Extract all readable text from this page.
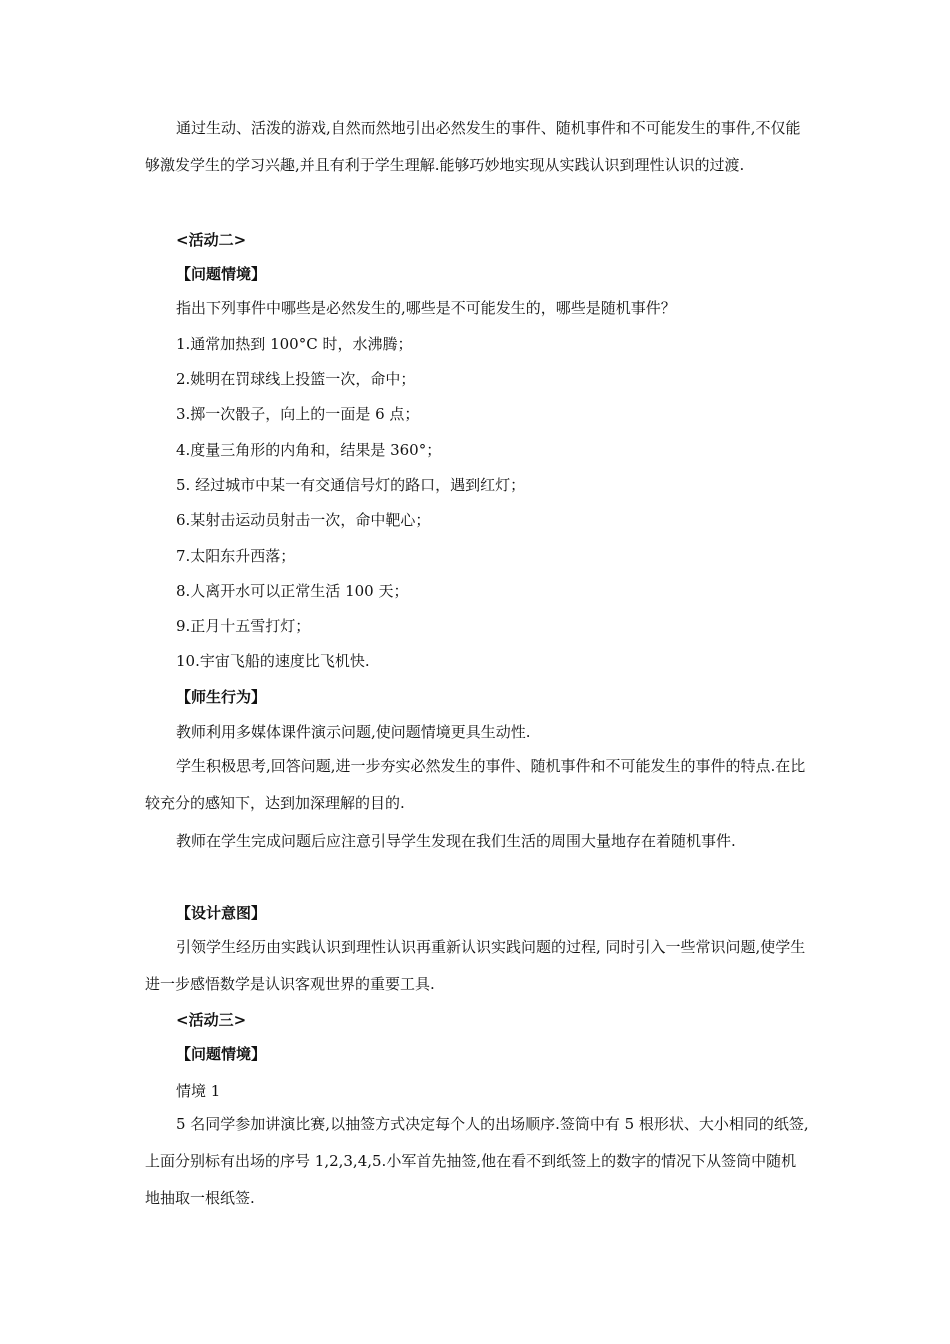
通过生动、活泼的游戏,自然而然地引出必然发生的事件、随机事件和不可能发生的事件,不仅能够激发学生的学习兴趣,并且有利于学生理解.能够巧妙地实现从实践认识到理性认识的过渡.

<活动二>

【问题情境】

指出下列事件中哪些是必然发生的,哪些是不可能发生的，哪些是随机事件？

1.通常加热到 100°C 时，水沸腾；

2.姚明在罚球线上投篮一次，命中；

3.掷一次骰子，向上的一面是 6 点；

4.度量三角形的内角和，结果是 360°；

5. 经过城市中某一有交通信号灯的路口，遇到红灯；

6.某射击运动员射击一次，命中靶心；

7.太阳东升西落；

8.人离开水可以正常生活 100 天；

9.正月十五雪打灯；

10.宇宙飞船的速度比飞机快.

【师生行为】

教师利用多媒体课件演示问题,使问题情境更具生动性.

学生积极思考,回答问题,进一步夯实必然发生的事件、随机事件和不可能发生的事件的特点.在比较充分的感知下，达到加深理解的目的.

教师在学生完成问题后应注意引导学生发现在我们生活的周围大量地存在着随机事件.

【设计意图】

引领学生经历由实践认识到理性认识再重新认识实践问题的过程, 同时引入一些常识问题,使学生进一步感悟数学是认识客观世界的重要工具.

<活动三>

【问题情境】

情境 1

5 名同学参加讲演比赛,以抽签方式决定每个人的出场顺序.签筒中有 5 根形状、大小相同的纸签,上面分别标有出场的序号 1,2,3,4,5.小军首先抽签,他在看不到纸签上的数字的情况下从签筒中随机地抽取一根纸签.
